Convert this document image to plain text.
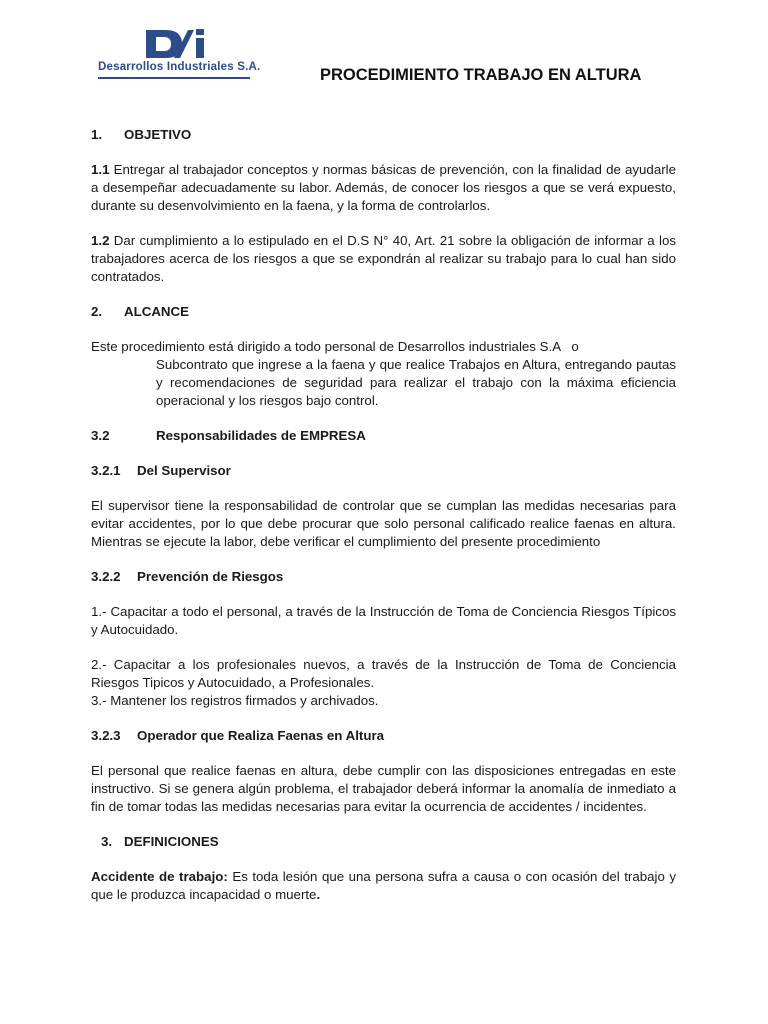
Desarrollos Industriales S.A.	PROCEDIMIENTO TRABAJO EN ALTURA

1. OBJETIVO

1.1 Entregar al trabajador conceptos y normas básicas de prevención, con la finalidad de ayudarle a desempeñar adecuadamente su labor. Además, de conocer los riesgos a que se verá expuesto, durante su desenvolvimiento en la faena, y la forma de controlarlos.

1.2 Dar cumplimiento a lo estipulado en el D.S N° 40, Art. 21 sobre la obligación de informar a los trabajadores acerca de los riesgos a que se expondrán al realizar su trabajo para lo cual han sido contratados.

2. ALCANCE

Este procedimiento está dirigido a todo personal de Desarrollos industriales S.A   o

Subcontrato que ingrese a la faena y que realice Trabajos en Altura, entregando pautas y recomendaciones de seguridad para realizar el trabajo con la máxima eficiencia operacional y los riesgos bajo control.

3.2	Responsabilidades de EMPRESA

3.2.1 Del Supervisor

El supervisor tiene la responsabilidad de controlar que se cumplan las medidas necesarias para evitar accidentes, por lo que debe procurar que solo personal calificado realice faenas en altura. Mientras se ejecute la labor, debe verificar el cumplimiento del presente procedimiento

3.2.2 Prevención de Riesgos

1.- Capacitar a todo el personal, a través de la Instrucción de Toma de Conciencia Riesgos Típicos y Autocuidado.

2.- Capacitar a los profesionales nuevos, a través de la Instrucción de Toma de Conciencia Riesgos Tipicos y Autocuidado, a Profesionales.

3.- Mantener los registros firmados y archivados.

3.2.3 Operador que Realiza Faenas en Altura

El personal que realice faenas en altura, debe cumplir con las disposiciones entregadas en este instructivo. Si se genera algún problema, el trabajador deberá informar la anomalía de inmediato a fin de tomar todas las medidas necesarias para evitar la ocurrencia de accidentes / incidentes.

3. DEFINICIONES

Accidente de trabajo: Es toda lesión que una persona sufra a causa o con ocasión del trabajo y que le produzca incapacidad o muerte.
